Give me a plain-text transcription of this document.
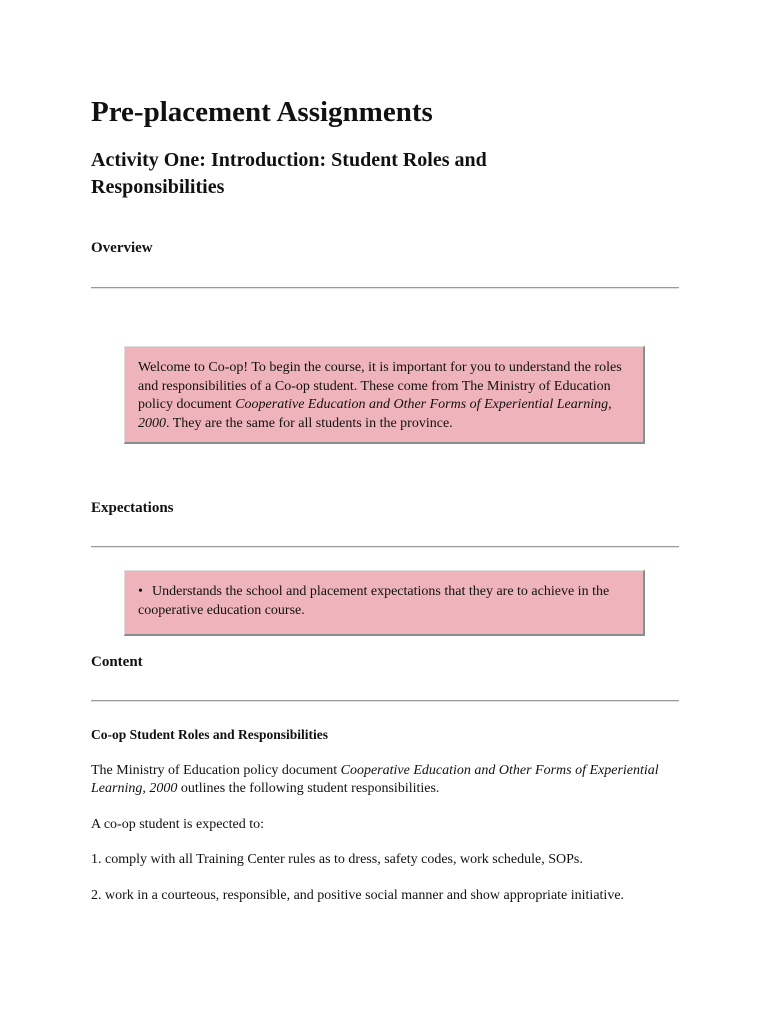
Pre-placement Assignments
Activity One: Introduction: Student Roles and Responsibilities
Overview
Welcome to Co-op! To begin the course, it is important for you to understand the roles and responsibilities of a Co-op student. These come from The Ministry of Education policy document Cooperative Education and Other Forms of Experiential Learning, 2000. They are the same for all students in the province.
Expectations
• Understands the school and placement expectations that they are to achieve in the cooperative education course.
Content

Co-op Student Roles and Responsibilities

The Ministry of Education policy document Cooperative Education and Other Forms of Experiential Learning, 2000 outlines the following student responsibilities.

A co-op student is expected to:

1. comply with all Training Center rules as to dress, safety codes, work schedule, SOPs.

2. work in a courteous, responsible, and positive social manner and show appropriate initiative.
